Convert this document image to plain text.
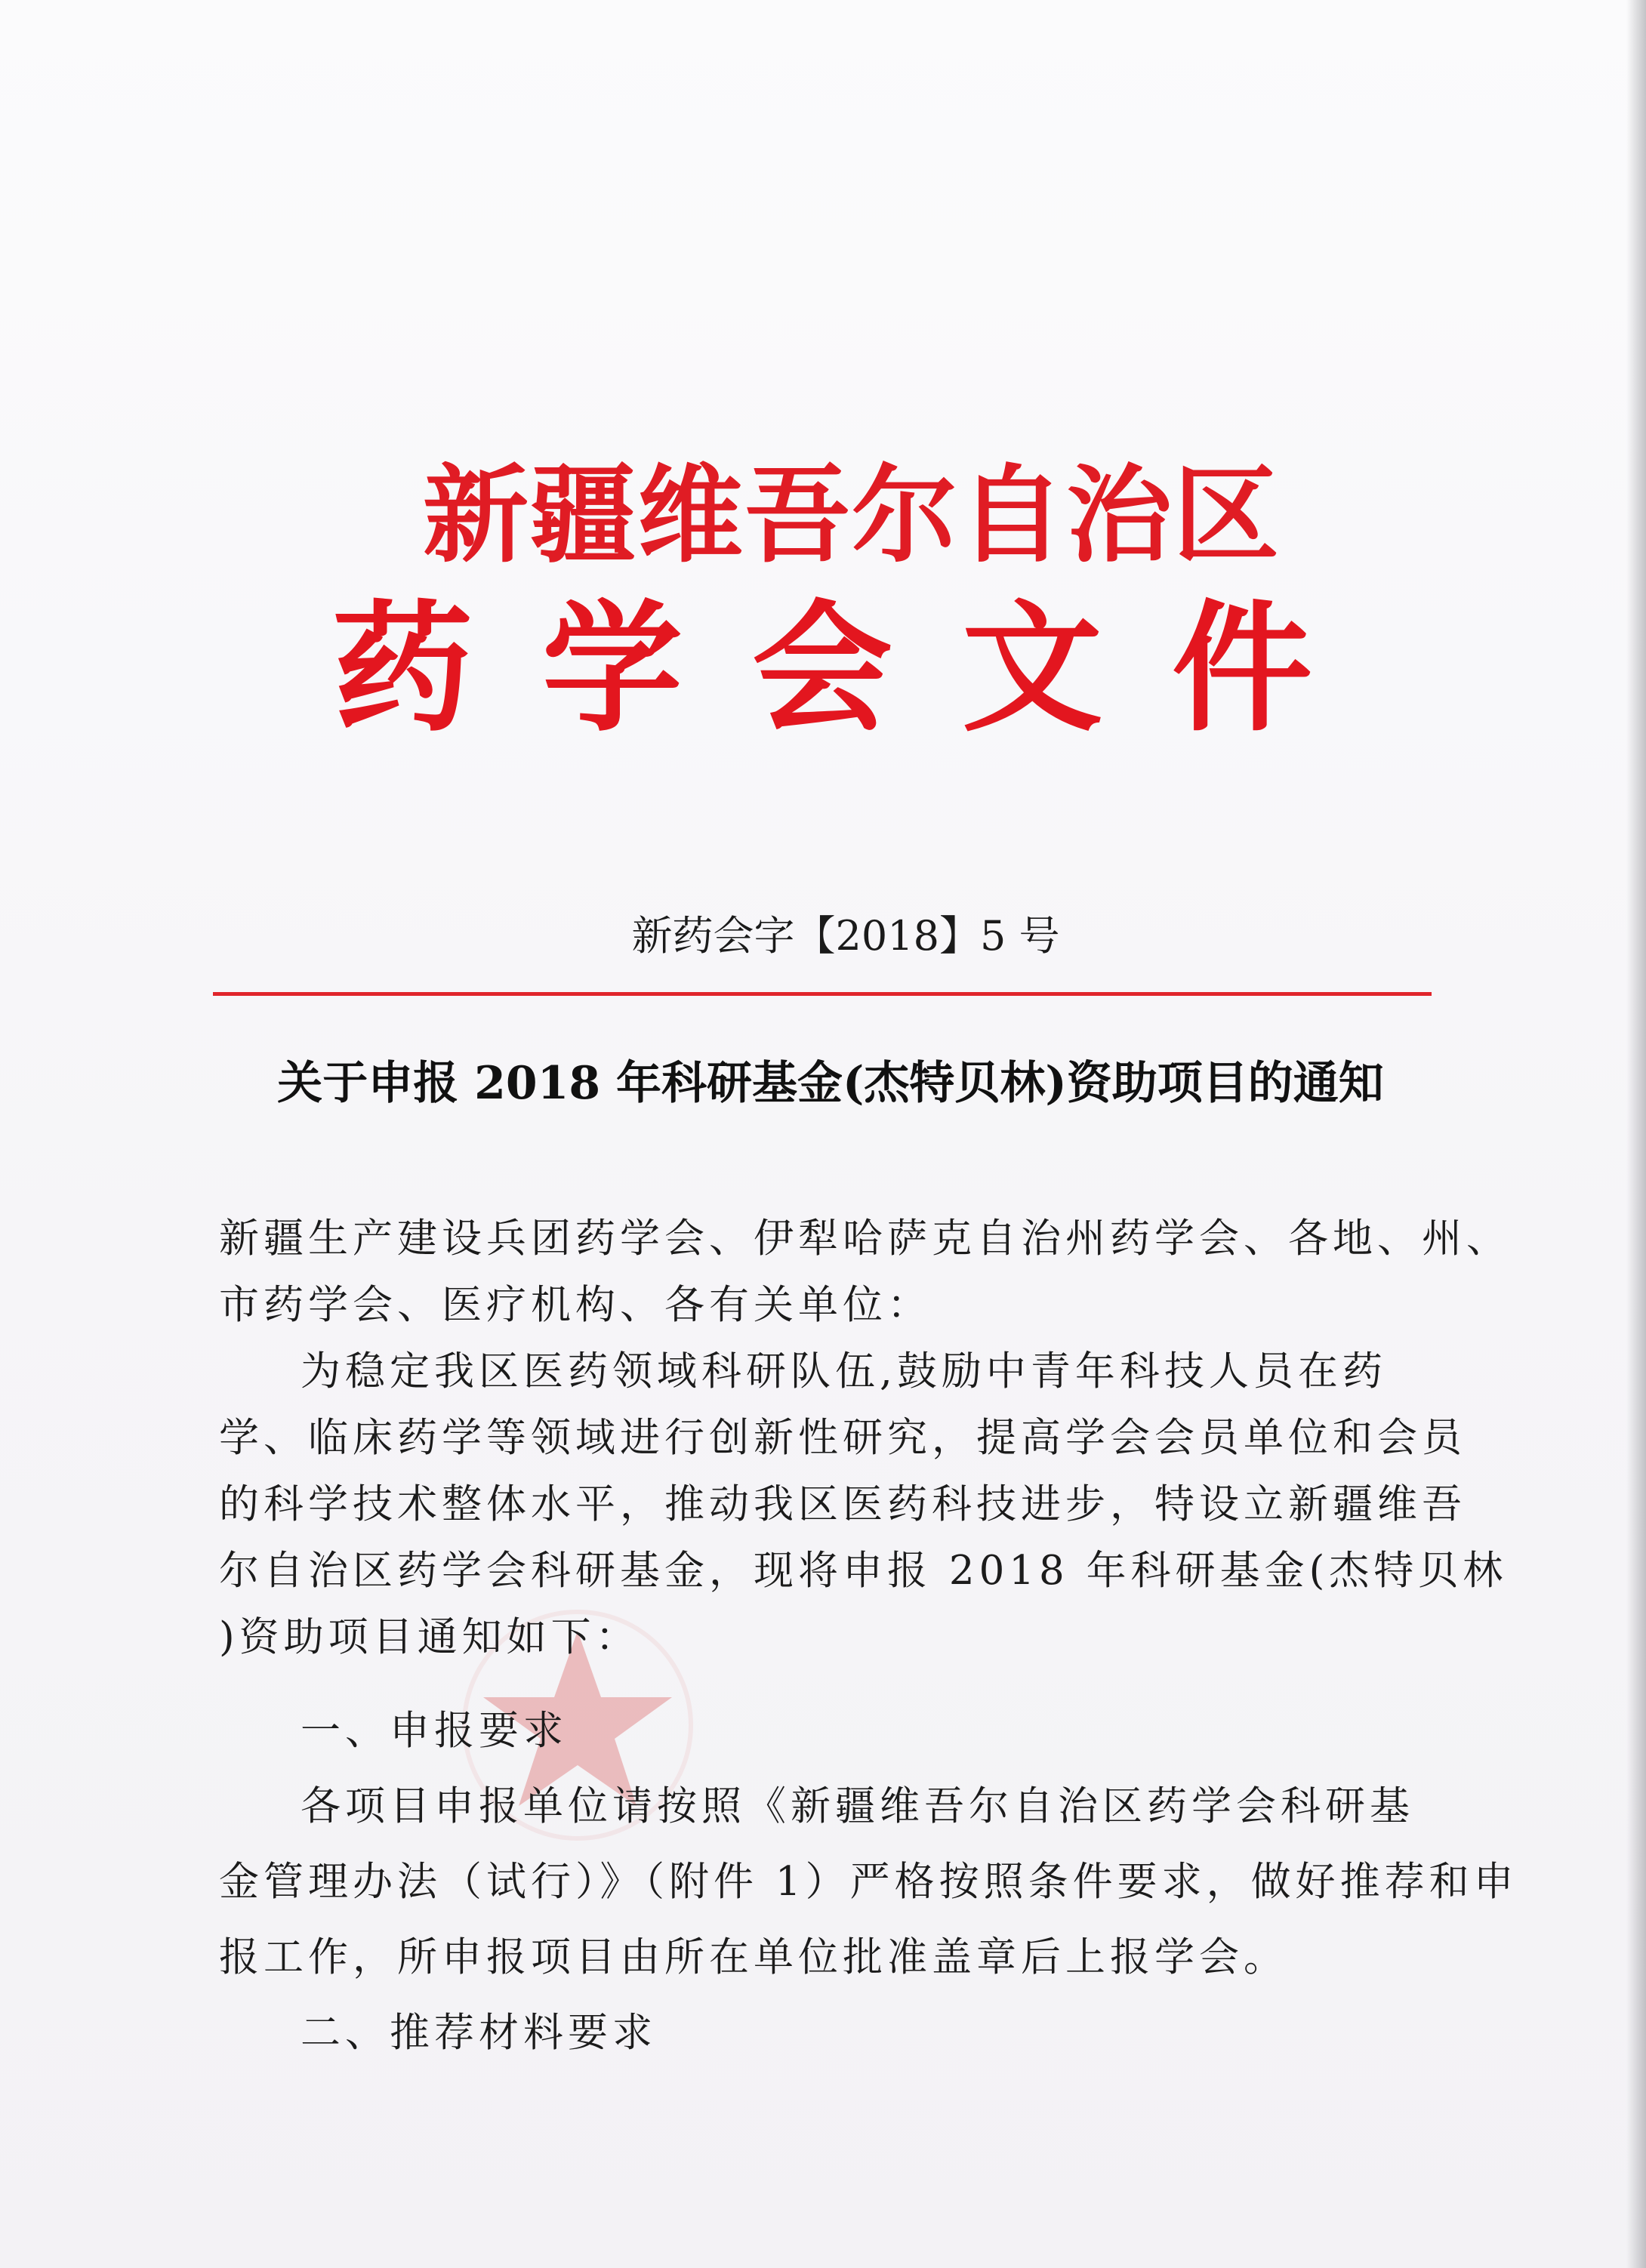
新疆维吾尔自治区
药学会文件
新药会字【2018】5 号
关于申报 2018 年科研基金(杰特贝林)资助项目的通知
新疆生产建设兵团药学会、伊犁哈萨克自治州药学会、各地、州、
市药学会、医疗机构、各有关单位：
为稳定我区医药领域科研队伍,鼓励中青年科技人员在药
学、临床药学等领域进行创新性研究，提高学会会员单位和会员
的科学技术整体水平，推动我区医药科技进步，特设立新疆维吾
尔自治区药学会科研基金，现将申报 2018 年科研基金(杰特贝林
)资助项目通知如下：
一、申报要求
各项目申报单位请按照《新疆维吾尔自治区药学会科研基
金管理办法（试行）》（附件 1）严格按照条件要求，做好推荐和申
报工作，所申报项目由所在单位批准盖章后上报学会。
二、推荐材料要求
